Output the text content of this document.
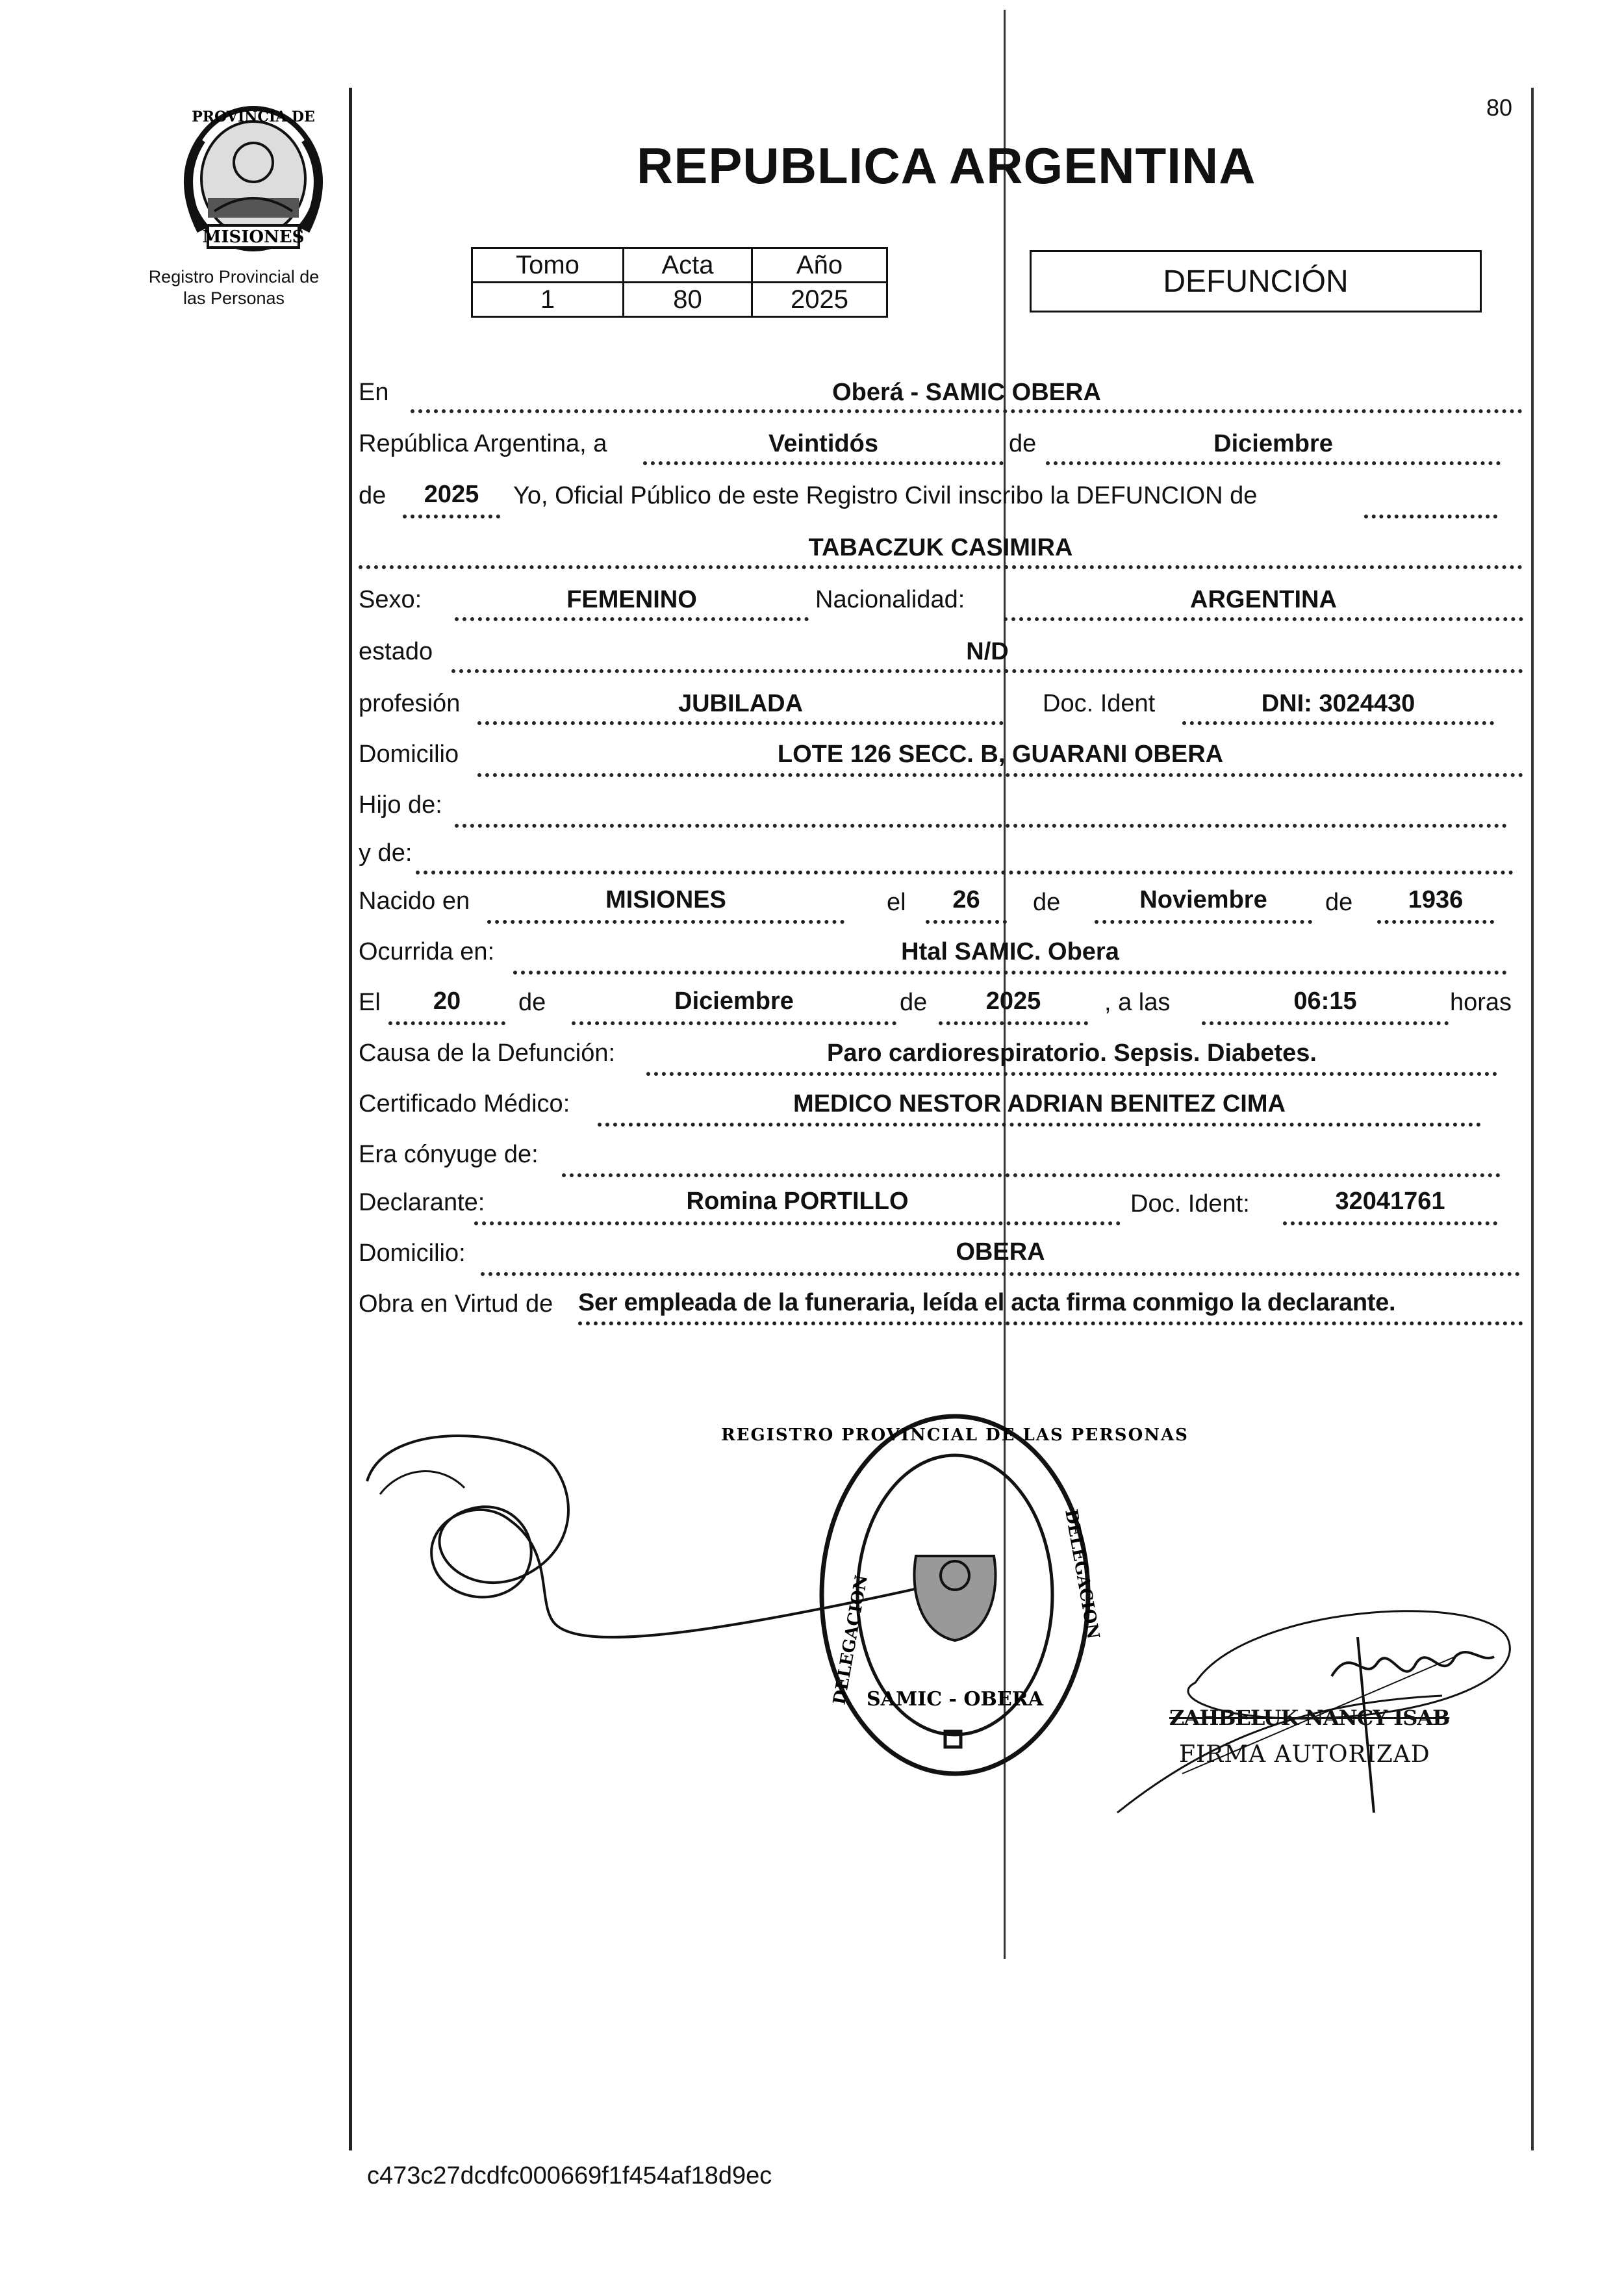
PROVINCIA DE
MISIONES
Registro Provincial de
las Personas
80
REPUBLICA ARGENTINA
Tomo	Acta	Año
1	80	2025
DEFUNCIÓN
En	Oberá - SAMIC OBERA
República Argentina, a	Veintidós	de	Diciembre
de	2025	Yo, Oficial Público de este Registro Civil inscribo la DEFUNCION de
TABACZUK CASIMIRA
Sexo:	FEMENINO	Nacionalidad:	ARGENTINA
estado	N/D
profesión	JUBILADA	Doc. Ident	DNI: 3024430
Domicilio	LOTE 126 SECC. B, GUARANI OBERA
Hijo de:
y de:
Nacido en	MISIONES	el	26	de	Noviembre	de	1936
Ocurrida en:	Htal SAMIC. Obera
El	20	de	Diciembre	de	2025	, a las	06:15	horas
Causa de la Defunción:	Paro cardiorespiratorio. Sepsis. Diabetes.
Certificado Médico:	MEDICO NESTOR ADRIAN BENITEZ CIMA
Era cónyuge de:
Declarante:	Romina PORTILLO	Doc. Ident:	32041761
Domicilio:	OBERA
Obra en Virtud de Ser empleada de la funeraria, leída el acta firma conmigo la declarante.
REGISTRO PROVINCIAL DE LAS PERSONAS
DELEGACION	DELEGACION
SAMIC - OBERA
ZAHBELUK NANCY ISAB
FIRMA AUTORIZAD
c473c27dcdfc000669f1f454af18d9ec
